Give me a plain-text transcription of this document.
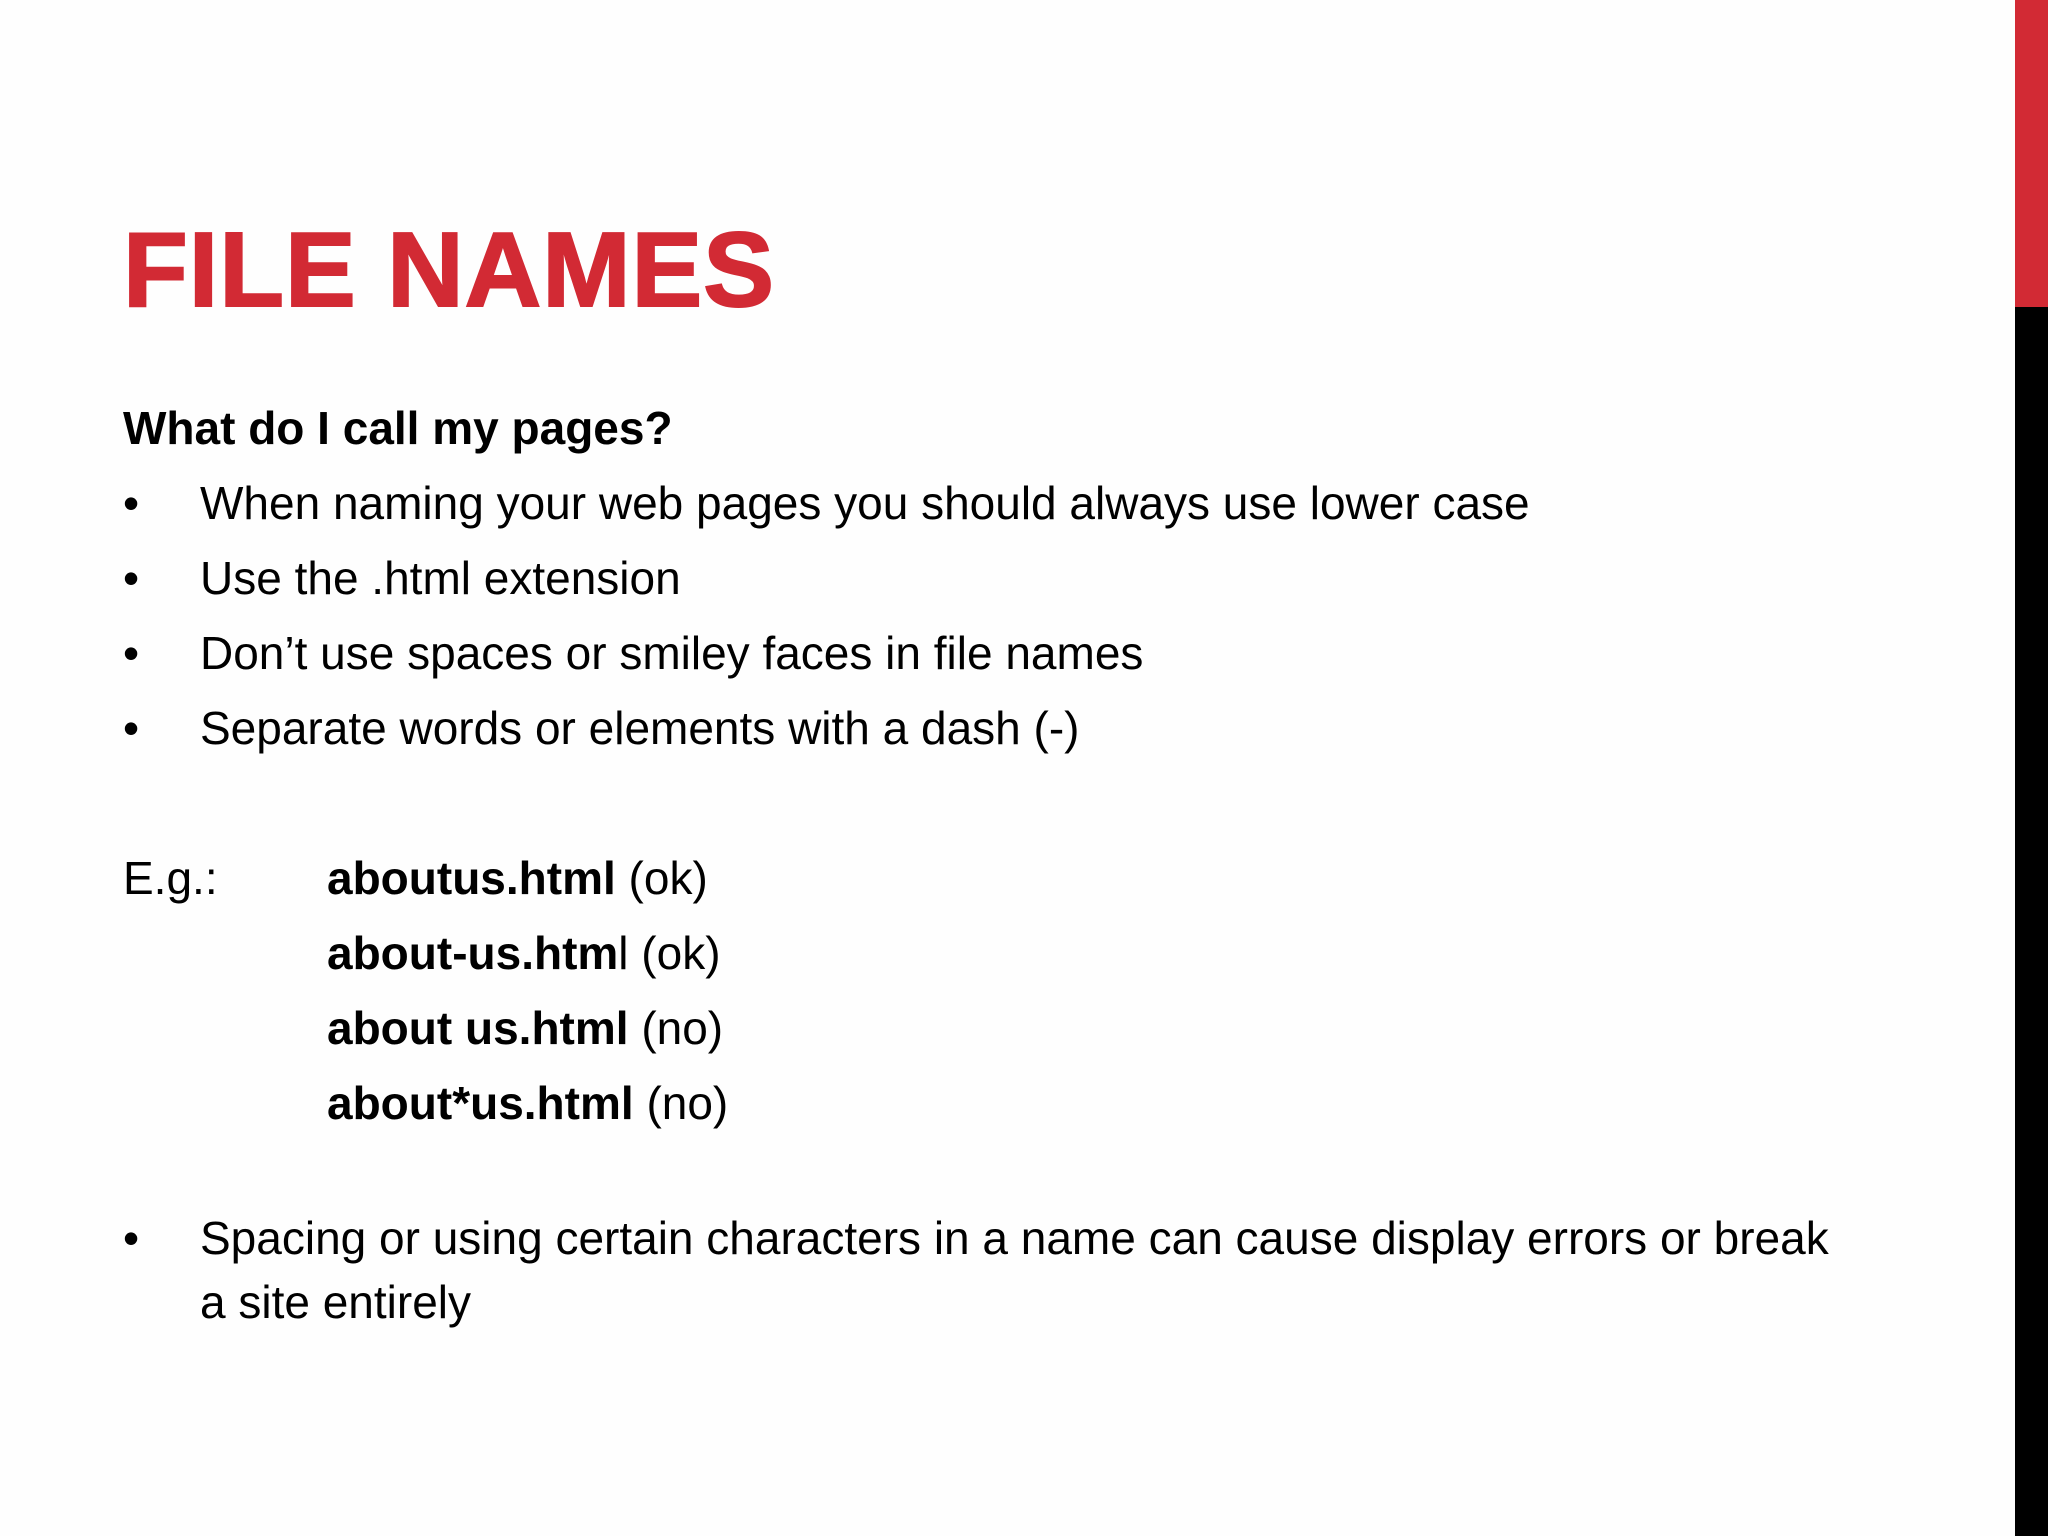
FILE NAMES
What do I call my pages?
•	When naming your web pages you should always use lower case
•	Use the .html extension
•	Don’t use spaces or smiley faces in file names
•	Separate words or elements with a dash (-)
E.g.: aboutus.html (ok)
about-us.html (ok)
about us.html (no)
about*us.html (no)
•	Spacing or using certain characters in a name can cause display errors or break a site entirely
